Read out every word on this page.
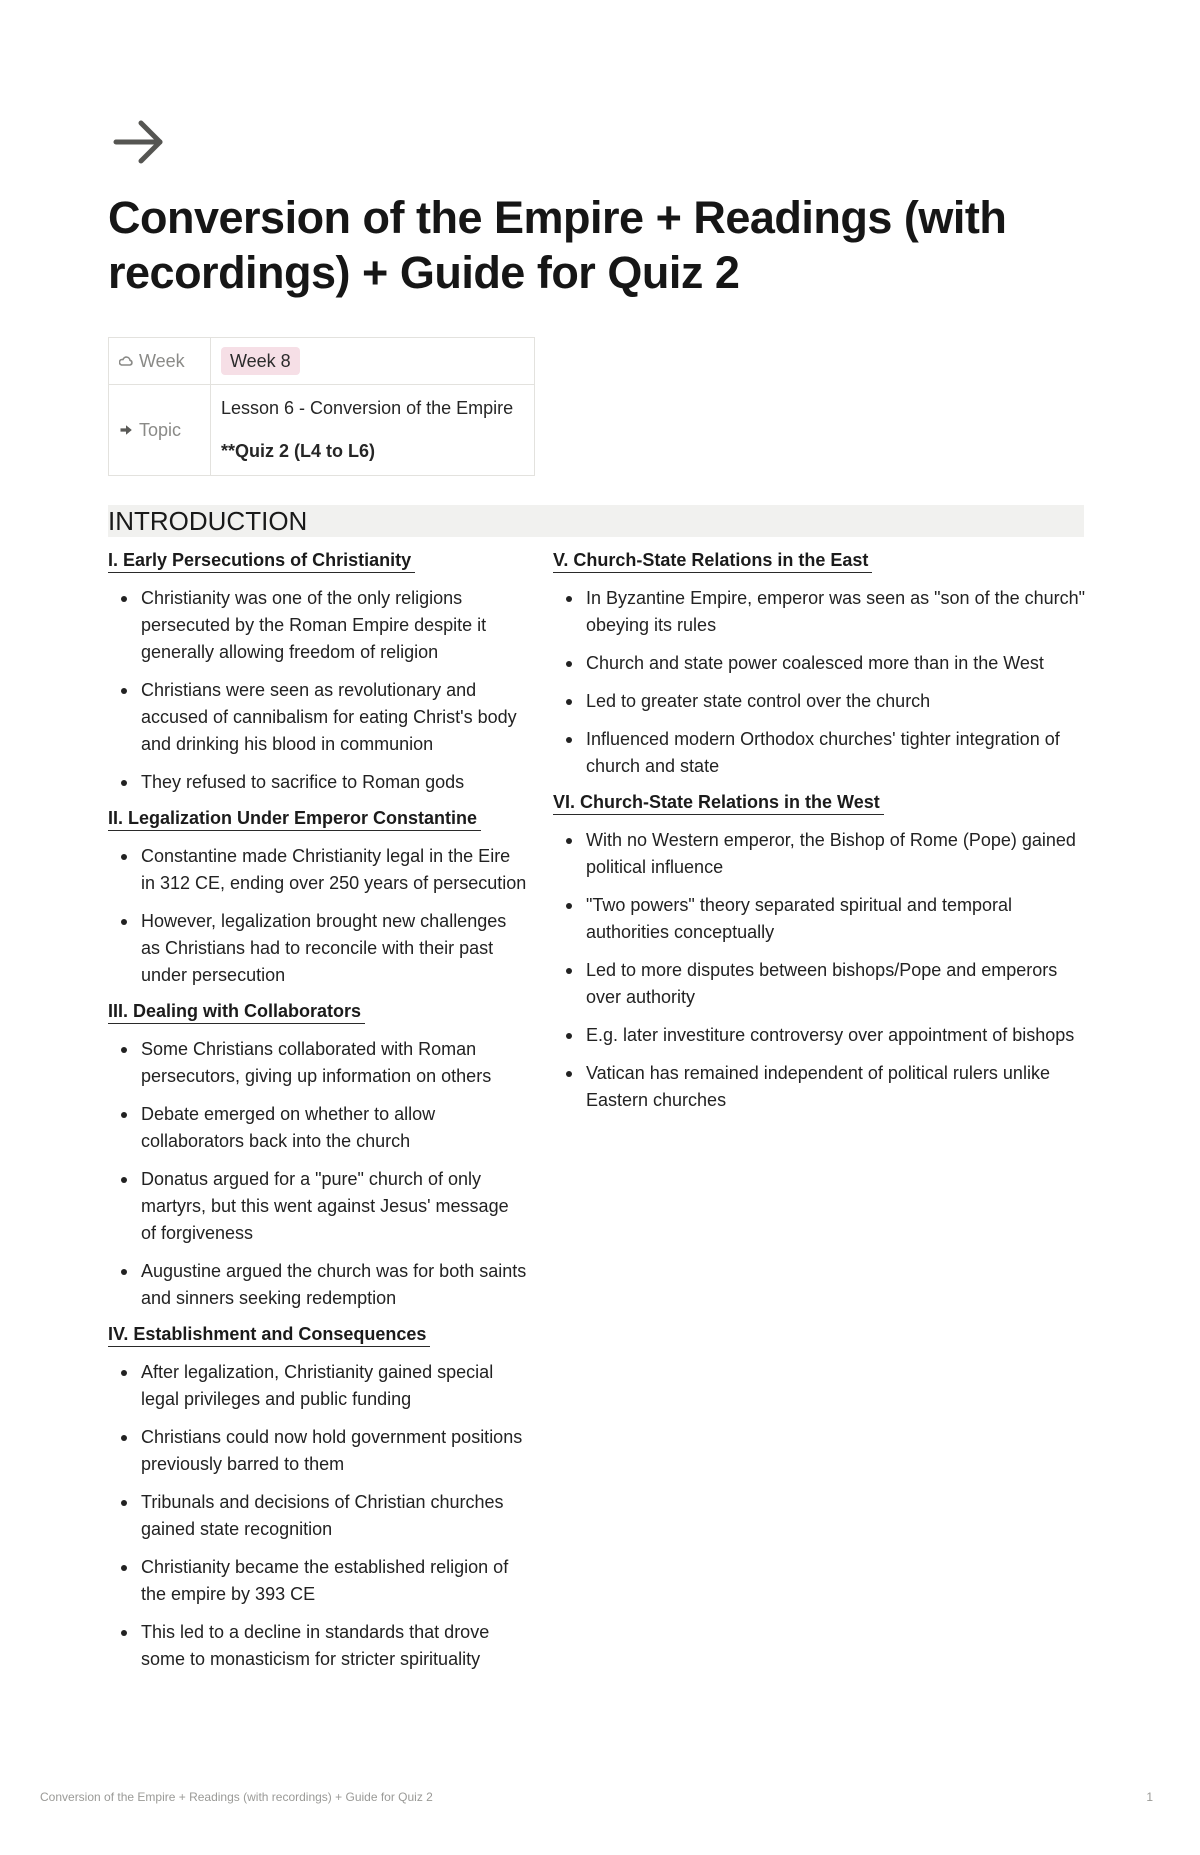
Conversion of the Empire + Readings (with recordings) + Guide for Quiz 2
Week	Week 8

Topic	Lesson 6 - Conversion of the Empire
**Quiz 2 (L4 to L6)
INTRODUCTION
I. Early Persecutions of Christianity
Christianity was one of the only religions persecuted by the Roman Empire despite it generally allowing freedom of religion
Christians were seen as revolutionary and accused of cannibalism for eating Christ's body and drinking his blood in communion
They refused to sacrifice to Roman gods
II. Legalization Under Emperor Constantine
Constantine made Christianity legal in the Eire in 312 CE, ending over 250 years of persecution
However, legalization brought new challenges as Christians had to reconcile with their past under persecution
III. Dealing with Collaborators
Some Christians collaborated with Roman persecutors, giving up information on others
Debate emerged on whether to allow collaborators back into the church
Donatus argued for a "pure" church of only martyrs, but this went against Jesus' message of forgiveness
Augustine argued the church was for both saints and sinners seeking redemption
IV. Establishment and Consequences
After legalization, Christianity gained special legal privileges and public funding
Christians could now hold government positions previously barred to them
Tribunals and decisions of Christian churches gained state recognition
Christianity became the established religion of the empire by 393 CE
This led to a decline in standards that drove some to monasticism for stricter spirituality
V. Church-State Relations in the East
In Byzantine Empire, emperor was seen as "son of the church" obeying its rules
Church and state power coalesced more than in the West
Led to greater state control over the church
Influenced modern Orthodox churches' tighter integration of church and state
VI. Church-State Relations in the West
With no Western emperor, the Bishop of Rome (Pope) gained political influence
"Two powers" theory separated spiritual and temporal authorities conceptually
Led to more disputes between bishops/Pope and emperors over authority
E.g. later investiture controversy over appointment of bishops
Vatican has remained independent of political rulers unlike Eastern churches
Conversion of the Empire + Readings (with recordings) + Guide for Quiz 2	1
